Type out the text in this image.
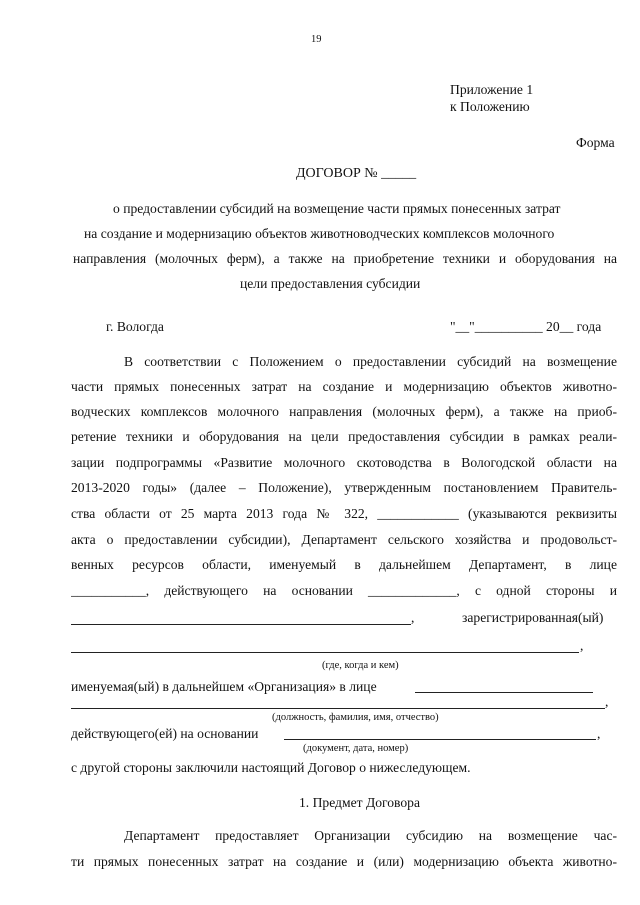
19
Приложение 1
к Положению
Форма
ДОГОВОР № _____
о предоставлении субсидий на возмещение части прямых понесенных затрат
на создание и модернизацию объектов животноводческих комплексов молочного
направления (молочных ферм), а также на приобретение техники и оборудования на
цели предоставления субсидии
г. Вологда	"__"__________ 20__ года
В соответствии с Положением о предоставлении субсидий на возмещение
части прямых понесенных затрат на создание и модернизацию объектов животно-
водческих комплексов молочного направления (молочных ферм), а также на приоб-
ретение техники и оборудования на цели предоставления субсидии в рамках реали-
зации подпрограммы «Развитие молочного скотоводства в Вологодской области на
2013-2020 годы» (далее – Положение), утвержденным постановлением Правитель-
ства области от 25 марта 2013 года № 322, ____________ (указываются реквизиты
акта о предоставлении субсидии), Департамент сельского хозяйства и продовольст-
венных ресурсов области, именуемый в дальнейшем Департамент, в лице
___________, действующего на основании _____________, с одной стороны и
,	зарегистрированная(ый)
,
(где, когда и кем)
именуемая(ый) в дальнейшем «Организация» в лице
,
(должность, фамилия, имя, отчество)
действующего(ей) на основании	,
(документ, дата, номер)
с другой стороны заключили настоящий Договор о нижеследующем.
1. Предмет Договора
Департамент предоставляет Организации субсидию на возмещение час-
ти прямых понесенных затрат на создание и (или) модернизацию объекта животно-
